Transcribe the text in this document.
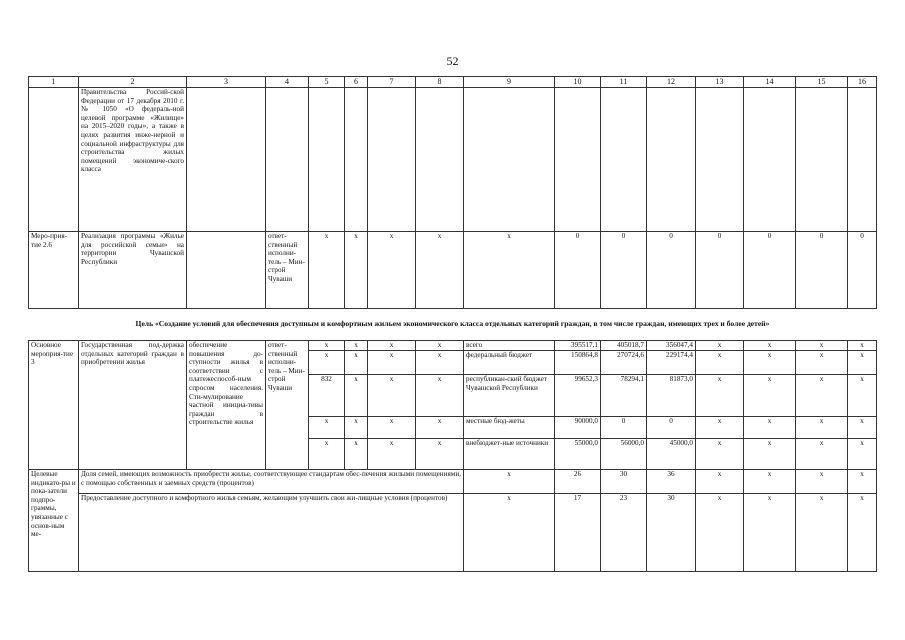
52
1	2	3	4	5	6	7	8	9	10	11	12	13	14	15	16
	Правительства Россий-ской Федерации от 17 декабря 2010 г. № 1050 «О федераль-ной целевой программе «Жилище» на 2015–2020 годы», а также в целях развития инже-нерной и социальной инфраструктуры для строительства жилых помещений экономиче-ского класса														
Меро-прия-тие 2.6	Реализация программы «Жилье для российской семьи» на территории Чувашской Республики		ответ-ственный исполни-тель – Мин-строй Чуваши	x	x	x	x	x	0	0	0	0	0	0	0
Цель «Создание условий для обеспечения доступным и комфортным жильем экономического класса отдельных категорий граждан, в том числе граждан, имеющих трех и более детей»
Основное мероприя-тие 3	Государственная под-держка отдельных категорий граждан в приобретении жилья	обеспечение повышения до-ступности жилья в соответствии с платежеспособ-ным спросом населения. Сти-мулирование частной инициа-тивы граждан в строительстве жилья	ответ-ственный исполни-тель – Мин-строй Чуваши	x	x	x	x	всего	395517,1	405018,7	356047,4	x	x	x	x
				x	x	x	x	федеральный бюджет	150864,8	270724,6	229174,4	x	x	x	x
				832	x	x	x	республикан-ский бюджет Чувашской Республики	99652,3	78294,1	81873,0	x	x	x	x
				x	x	x	x	местные бюд-жеты	90000,0	0	0	x	x	x	x
				x	x	x	x	внебюджет-ные источники	55000,0	56000,0	45000,0	x	x	x	x
Целевые индикато-ры и пока-затели подпро-граммы, увязанные с основ-ным ме-	Доля семей, имеющих возможность приобрести жилье, соответствующее стандартам обес-печения жилыми помещениями, с помощью собственных и заемных средств (процентов)							x	26	30	36	x	x	x	x
	Предоставление доступного и комфортного жилья семьям, желающим улучшить свои жи-лищные условия (процентов)							x	17	23	30	x	x	x	x
